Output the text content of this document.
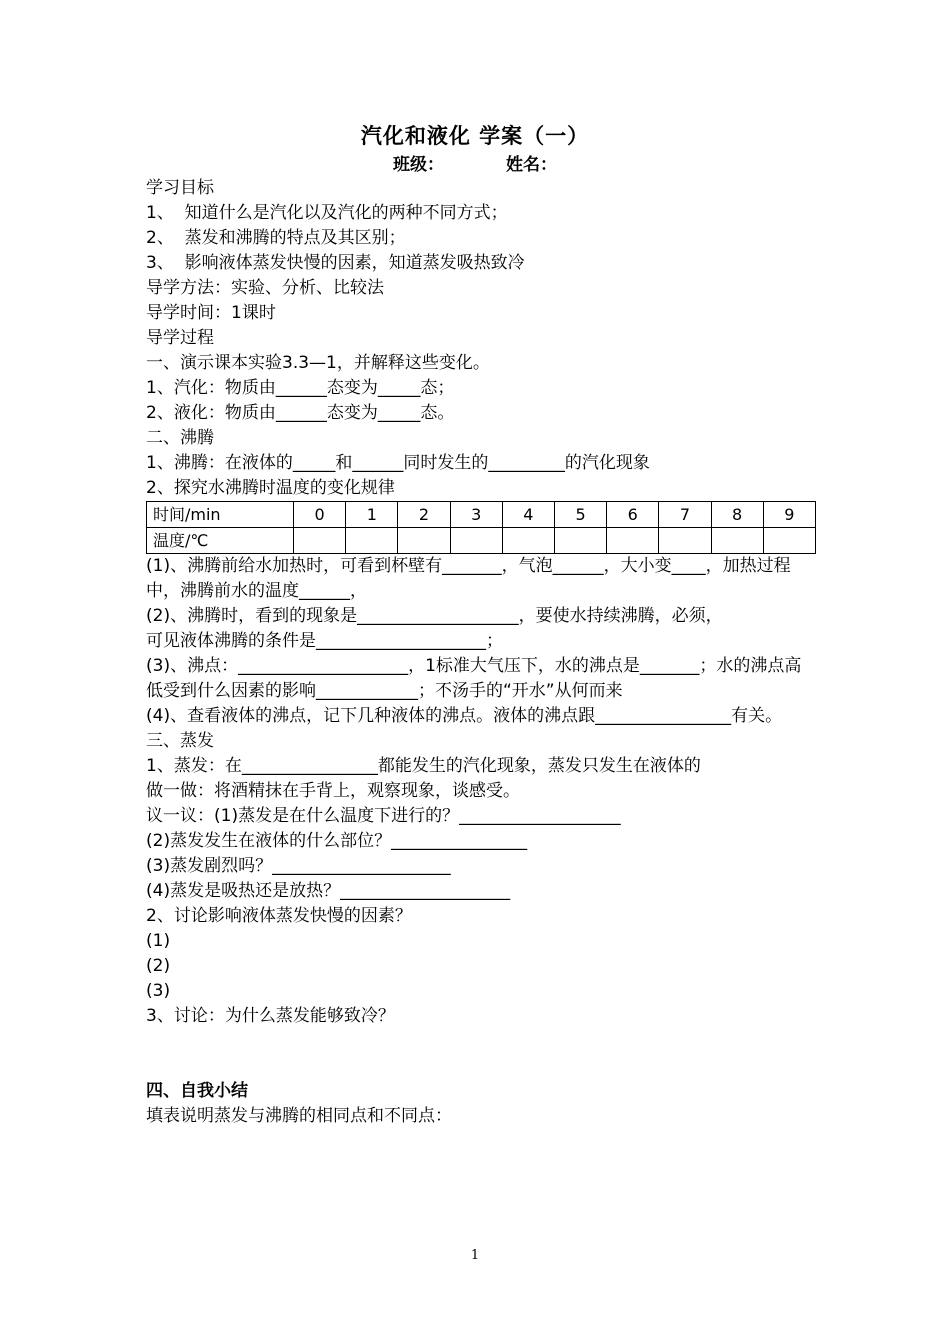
汽化和液化 学案（一）
班级：	姓名：
学习目标
1、  知道什么是汽化以及汽化的两种不同方式；
2、  蒸发和沸腾的特点及其区别；
3、  影响液体蒸发快慢的因素，知道蒸发吸热致冷
导学方法：实验、分析、比较法
导学时间：1课时
导学过程
一、演示课本实验3.3—1，并解释这些变化。
1、汽化：物质由______态变为_____态；
2、液化：物质由______态变为_____态。
二、沸腾
1、沸腾：在液体的_____和______同时发生的_________的汽化现象
2、探究水沸腾时温度的变化规律
时间/min	0	1	2	3	4	5	6	7	8	9
温度/℃										
(1)、沸腾前给水加热时，可看到杯壁有_______，气泡______，大小变____，加热过程中，沸腾前水的温度______，
(2)、沸腾时，看到的现象是___________________，要使水持续沸腾，必须，
可见液体沸腾的条件是____________________；
(3)、沸点：____________________，1标准大气压下，水的沸点是_______；水的沸点高低受到什么因素的影响____________；不汤手的“开水”从何而来
(4)、查看液体的沸点，记下几种液体的沸点。液体的沸点跟________________有关。
三、蒸发
1、蒸发：在________________都能发生的汽化现象，蒸发只发生在液体的
做一做：将酒精抹在手背上，观察现象，谈感受。
议一议：(1)蒸发是在什么温度下进行的？___________________
(2)蒸发发生在液体的什么部位？________________
(3)蒸发剧烈吗？_____________________
(4)蒸发是吸热还是放热？____________________
2、讨论影响液体蒸发快慢的因素？
(1)
(2)
(3)
3、讨论：为什么蒸发能够致冷？
四、自我小结
填表说明蒸发与沸腾的相同点和不同点：
1
